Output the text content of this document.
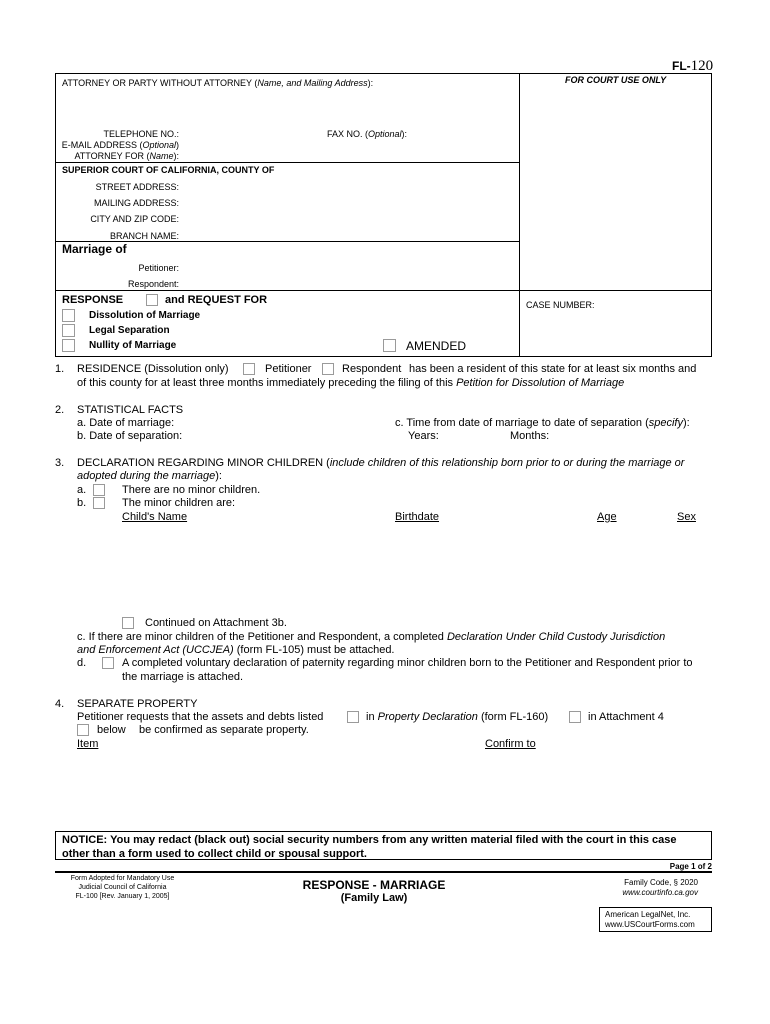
FL-120
FOR COURT USE ONLY
ATTORNEY OR PARTY WITHOUT ATTORNEY (Name, and Mailing Address):
TELEPHONE NO.:	FAX NO. (Optional):
E-MAIL ADDRESS (Optional)
ATTORNEY FOR (Name):
SUPERIOR COURT OF CALIFORNIA, COUNTY OF
STREET ADDRESS:
MAILING ADDRESS:
CITY AND ZIP CODE:
BRANCH NAME:
Marriage of
Petitioner:
Respondent:
RESPONSE	and REQUEST FOR	CASE NUMBER:
Dissolution of Marriage
Legal Separation
Nullity of Marriage	AMENDED
1. RESIDENCE (Dissolution only)	Petitioner	Respondent has been a resident of this state for at least six months and
of this county for at least three months immediately preceding the filing of this Petition for Dissolution of Marriage
2. STATISTICAL FACTS
a. Date of marriage:
b. Date of separation:
c. Time from date of marriage to date of separation (specify):
Years:	Months:
3. DECLARATION REGARDING MINOR CHILDREN (include children of this relationship born prior to or during the marriage or
adopted during the marriage):
a.	There are no minor children.
b.	The minor children are:
Child's Name	Birthdate	Age	Sex
Continued on Attachment 3b.
c. If there are minor children of the Petitioner and Respondent, a completed Declaration Under Child Custody Jurisdiction
and Enforcement Act (UCCJEA) (form FL-105) must be attached.
d.	A completed voluntary declaration of paternity regarding minor children born to the Petitioner and Respondent prior to
the marriage is attached.
4. SEPARATE PROPERTY
Petitioner requests that the assets and debts listed	in Property Declaration (form FL-160)	in Attachment 4
below be confirmed as separate property.
Item	Confirm to
NOTICE: You may redact (black out) social security numbers from any written material filed with the court in this case
other than a form used to collect child or spousal support.
Page 1 of 2
Form Adopted for Mandatory Use
Judicial Council of California
FL-100 [Rev. January 1, 2005]
RESPONSE - MARRIAGE
(Family Law)
Family Code, § 2020
www.courtinfo.ca.gov
American LegalNet, Inc.
www.USCourtForms.com
